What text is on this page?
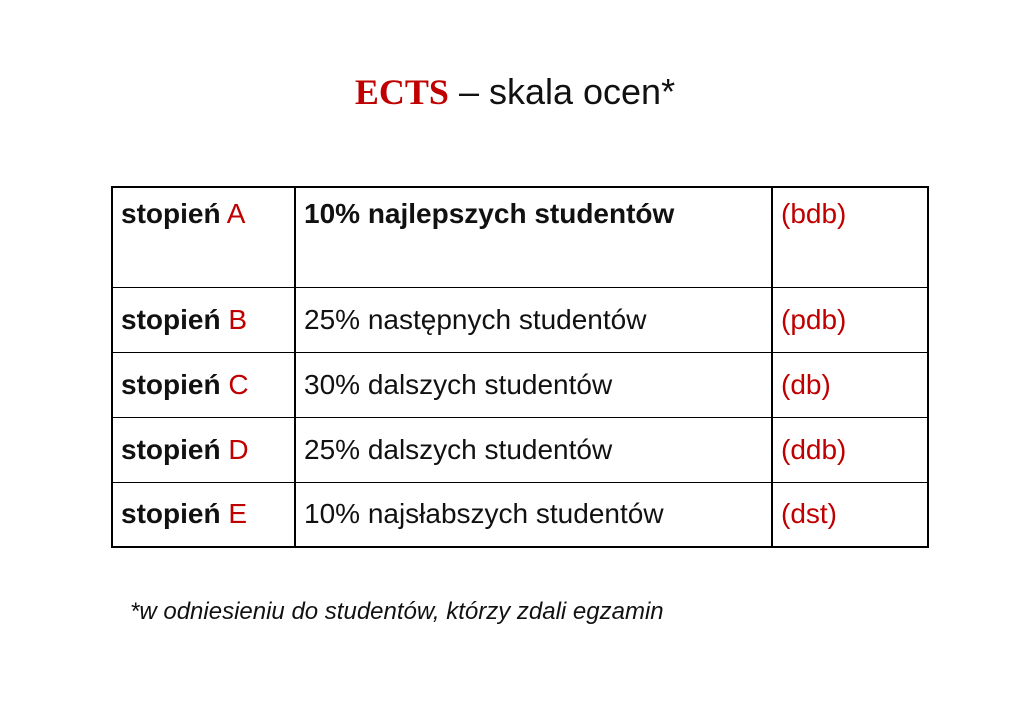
ECTS – skala ocen*
stopień A	10% najlepszych studentów	(bdb)
stopień B	25% następnych studentów	(pdb)
stopień C	30% dalszych studentów	(db)
stopień D	25% dalszych studentów	(ddb)
stopień E	10% najsłabszych studentów	(dst)
*w odniesieniu do studentów, którzy zdali egzamin
